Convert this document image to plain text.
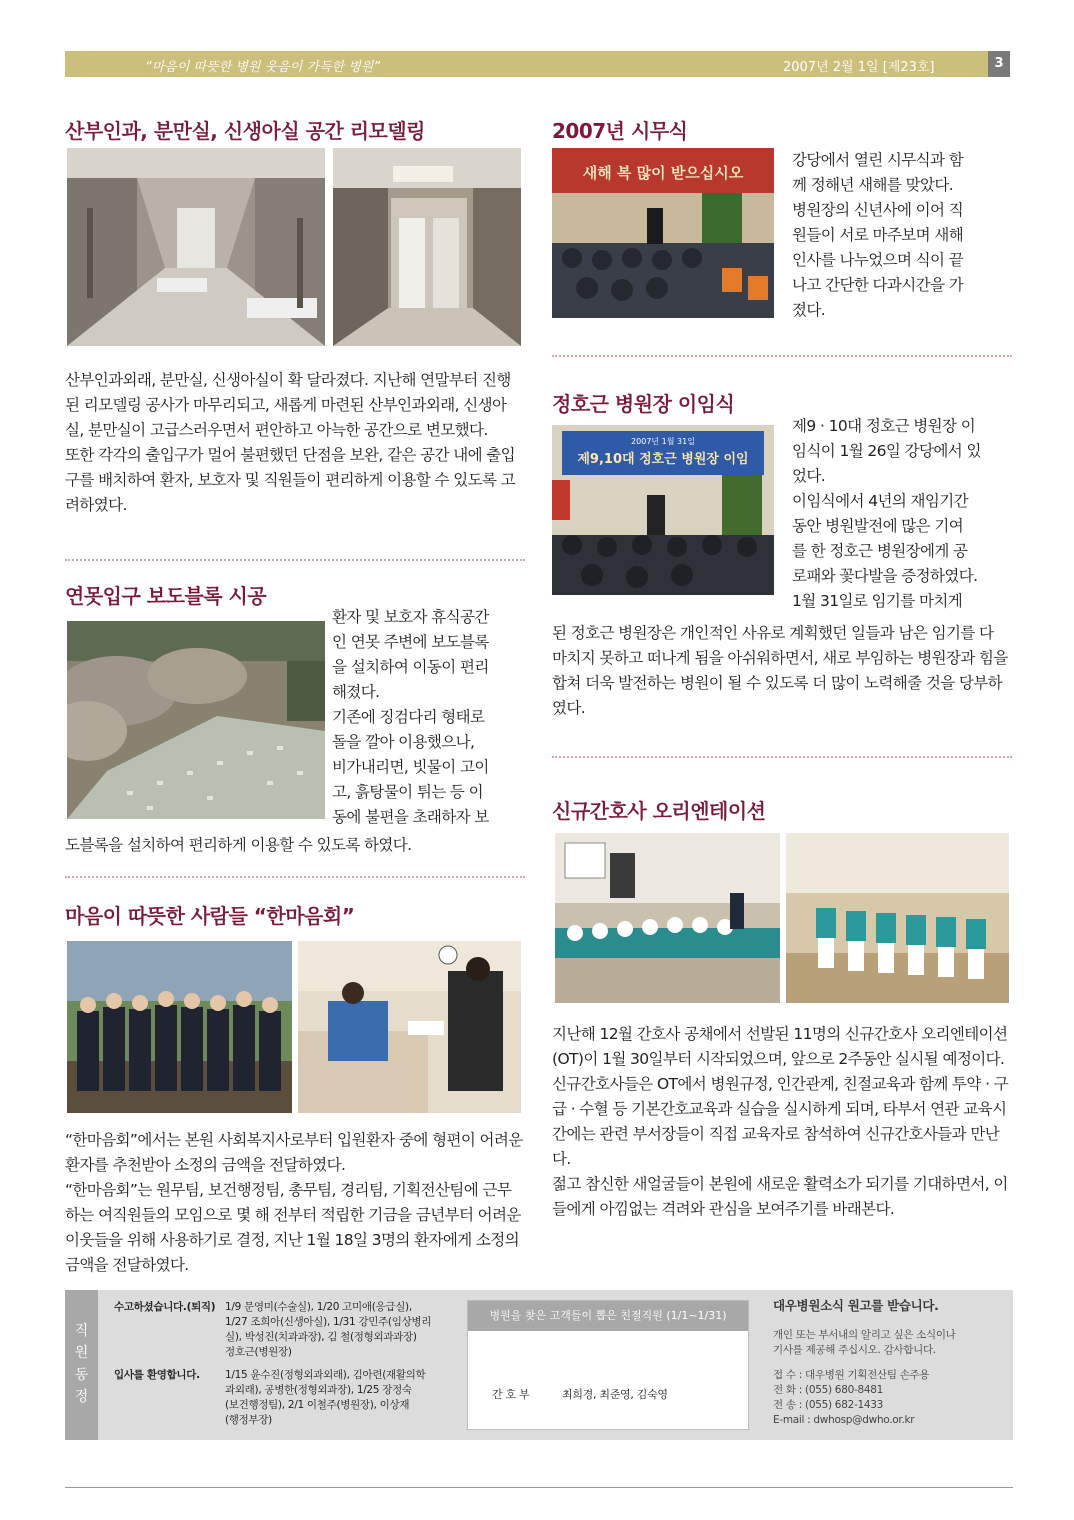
“마음이 따뜻한 병원 웃음이 가득한 병원”	2007년 2월 1일 [제23호]	3
산부인과, 분만실, 신생아실 공간 리모델링

산부인과외래, 분만실, 신생아실이 확 달라졌다. 지난해 연말부터 진행된 리모델링 공사가 마무리되고, 새롭게 마련된 산부인과외래, 신생아실, 분만실이 고급스러우면서 편안하고 아늑한 공간으로 변모했다.

또한 각각의 출입구가 멀어 불편했던 단점을 보완, 같은 공간 내에 출입구를 배치하여 환자, 보호자 및 직원들이 편리하게 이용할 수 있도록 고려하였다.

연못입구 보도블록 시공

환자 및 보호자 휴식공간

인 연못 주변에 보도블록

을 설치하여 이동이 편리

해졌다.

기존에 징검다리 형태로

돌을 깔아 이용했으나,

비가내리면, 빗물이 고이

고, 흙탕물이 튀는 등 이

동에 불편을 초래하자 보

도블록을 설치하여 편리하게 이용할 수 있도록 하였다.
마음이 따뜻한 사람들 “한마음회”

“한마음회”에서는 본원 사회복지사로부터 입원환자 중에 형편이 어려운 환자를 추천받아 소정의 금액을 전달하였다.

“한마음회”는 원무팀, 보건행정팀, 총무팀, 경리팀, 기획전산팀에 근무하는 여직원들의 모임으로 몇 해 전부터 적립한 기금을 금년부터 어려운 이웃들을 위해 사용하기로 결정, 지난 1월 18일 3명의 환자에게 소정의 금액을 전달하였다.

2007년 시무식
새해 복 많이 받으십시오

강당에서 열린 시무식과 함

께 정해년 새해를 맞았다.

병원장의 신년사에 이어 직

원들이 서로 마주보며 새해

인사를 나누었으며 식이 끝

나고 간단한 다과시간을 가

졌다.

정호근 병원장 이임식
2007년 1월 31일
제9,10대 정호근 병원장 이임

제9 · 10대 정호근 병원장 이

임식이 1월 26일 강당에서 있

었다.

이임식에서 4년의 재임기간

동안 병원발전에 많은 기여

를 한 정호근 병원장에게 공

로패와 꽃다발을 증정하였다.

1월 31일로 임기를 마치게

된 정호근 병원장은 개인적인 사유로 계획했던 일들과 남은 임기를 다 마치지 못하고 떠나게 됨을 아쉬워하면서, 새로 부임하는 병원장과 힘을 합쳐 더욱 발전하는 병원이 될 수 있도록 더 많이 노력해줄 것을 당부하였다.
신규간호사 오리엔테이션

지난해 12월 간호사 공채에서 선발된 11명의 신규간호사 오리엔테이션(OT)이 1월 30일부터 시작되었으며, 앞으로 2주동안 실시될 예정이다.

신규간호사들은 OT에서 병원규정, 인간관계, 친절교육과 함께 투약 · 구급 · 수혈 등 기본간호교육과 실습을 실시하게 되며, 타부서 연관 교육시간에는 관련 부서장들이 직접 교육자로 참석하여 신규간호사들과 만난다.

젊고 참신한 새얼굴들이 본원에 새로운 활력소가 되기를 기대하면서, 이들에게 아낌없는 격려와 관심을 보여주기를 바래본다.

직
원
동
정
수고하셨습니다.(퇴직) 1/9 문영미(수술실), 1/20 고미애(응급실),
1/27 조희아(신생아실), 1/31 강민주(임상병리
실), 박성진(치과과장), 김 철(정형외과과장)
정호근(병원장)
입사를 환영합니다. 1/15 윤수진(정형외과외래), 김아련(재활의학
과외래), 공병한(정형외과장), 1/25 장정숙
(보건행정팀), 2/1 이철주(병원장), 이상재
(행정부장)
병원을 찾은 고객들이 뽑은 친절직원 (1/1~1/31)
간 호 부	최희경, 최준영, 김숙영
대우병원소식 원고를 받습니다.
개인 또는 부서내의 알리고 싶은 소식이나
기사를 제공해 주십시오. 감사합니다.
접 수 : 대우병원 기획전산팀 손주용
전 화 : (055) 680-8481
전 송 : (055) 682-1433
E-mail : dwhosp@dwho.or.kr
